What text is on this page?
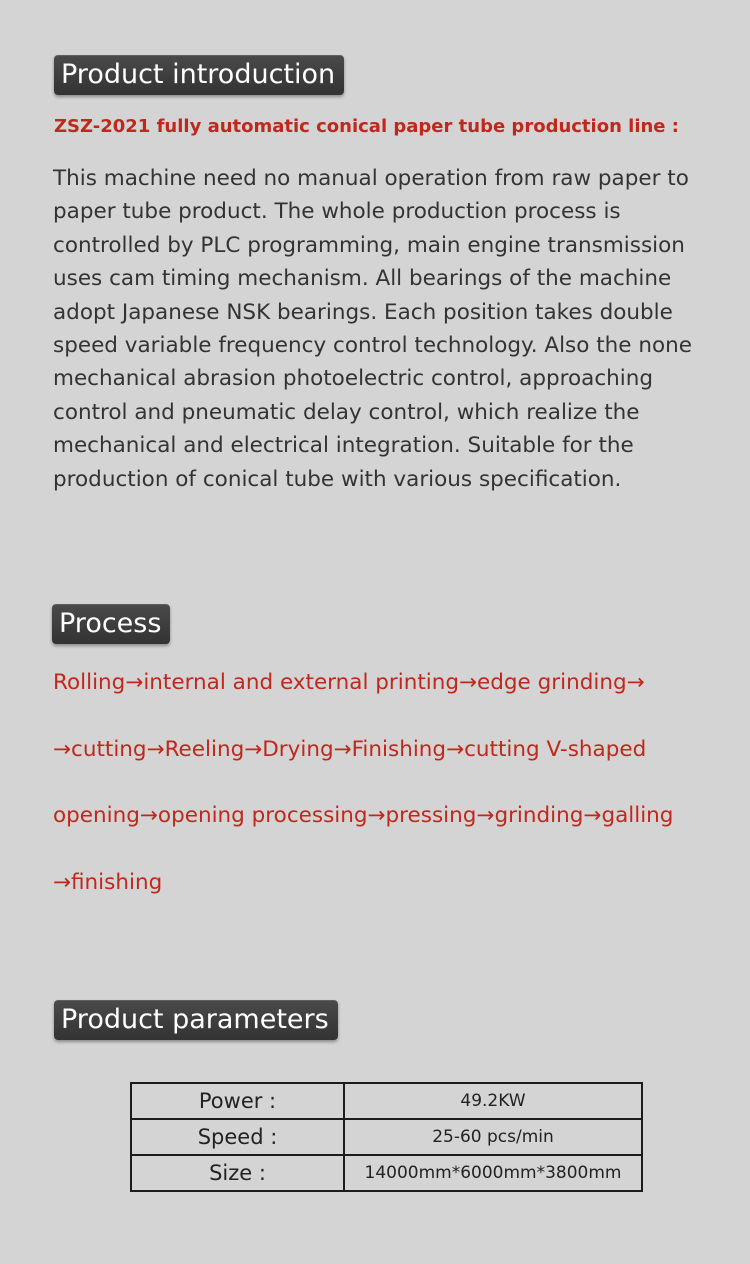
Product introduction
ZSZ-2021 fully automatic conical paper tube production line :
This machine need no manual operation from raw paper to paper tube product. The whole production process is controlled by PLC programming, main engine transmission uses cam timing mechanism. All bearings of the machine adopt Japanese NSK bearings. Each position takes double speed variable frequency control technology. Also the none mechanical abrasion photoelectric control, approaching control and pneumatic delay control, which realize the mechanical and electrical integration. Suitable for the production of conical tube with various specification.
Process
Rolling→internal and external printing→edge grinding→
→cutting→Reeling→Drying→Finishing→cutting V-shaped
opening→opening processing→pressing→grinding→galling
→finishing
Product parameters
Power :	49.2KW
Speed :	25-60 pcs/min
Size :	14000mm*6000mm*3800mm
